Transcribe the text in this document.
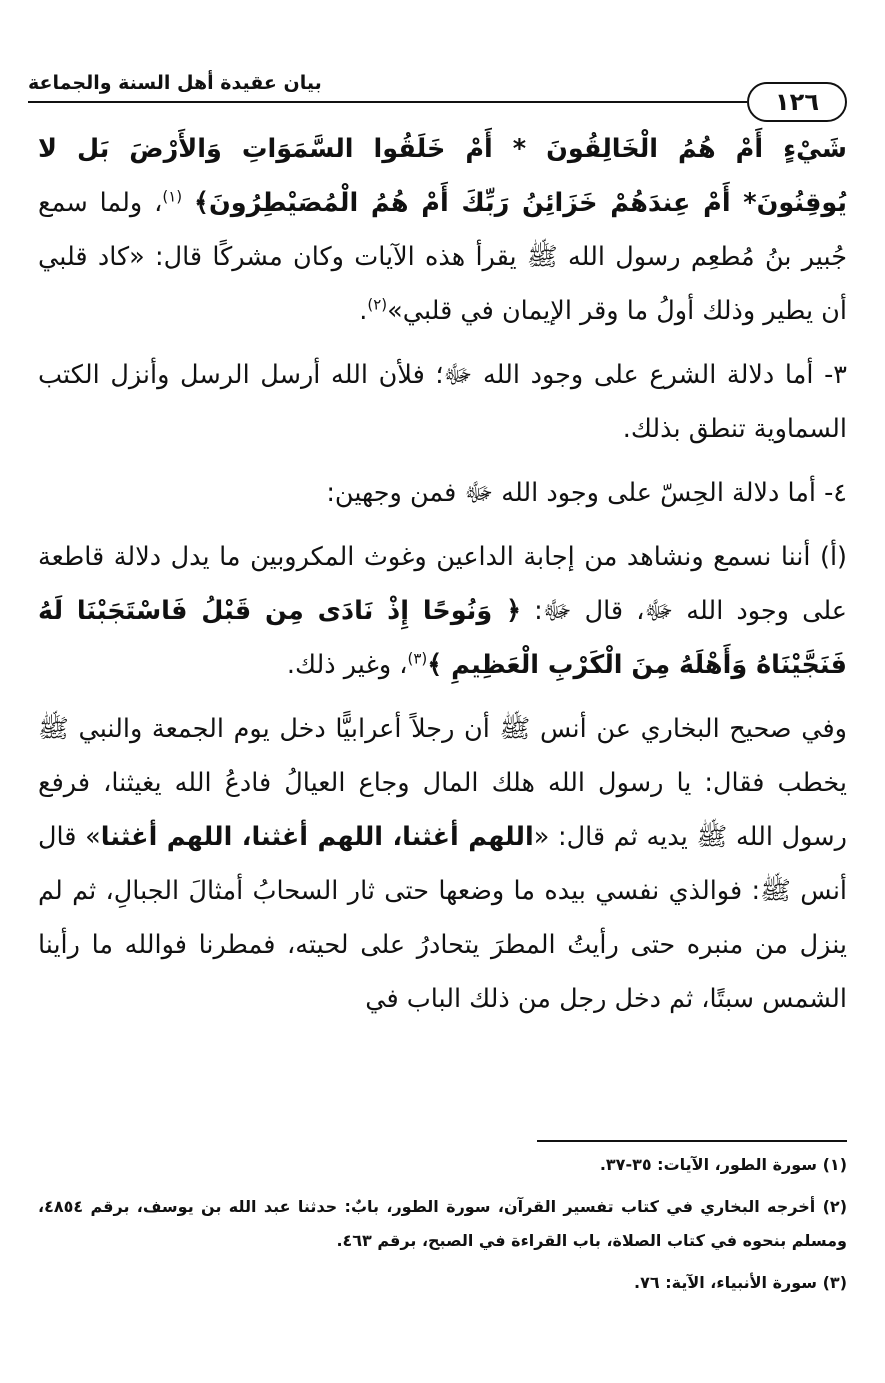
بيان عقيدة أهل السنة والجماعة
١٢٦

شَيْءٍ أَمْ هُمُ الْخَالِقُونَ * أَمْ خَلَقُوا السَّمَوَاتِ وَالأَرْضَ بَل لا يُوقِنُونَ* أَمْ عِندَهُمْ خَزَائِنُ رَبِّكَ أَمْ هُمُ الْمُصَيْطِرُونَ﴾ $^{(١)}$، ولما سمع جُبير بنُ مُطعِم رسول الله ﷺ يقرأ هذه الآيات وكان مشركًا قال: «كاد قلبي أن يطير وذلك أولُ ما وقر الإيمان في قلبي»$^{(٢)}$.

٣- أما دلالة الشرع على وجود الله ﷻ؛ فلأن الله أرسل الرسل وأنزل الكتب السماوية تنطق بذلك.

٤- أما دلالة الحِسّ على وجود الله ﷻ فمن وجهين:

(أ) أننا نسمع ونشاهد من إجابة الداعين وغوث المكروبين ما يدل دلالة قاطعة على وجود الله ﷻ، قال ﷻ: ﴿ وَنُوحًا إِذْ نَادَى مِن قَبْلُ فَاسْتَجَبْنَا لَهُ فَنَجَّيْنَاهُ وَأَهْلَهُ مِنَ الْكَرْبِ الْعَظِيمِ ﴾$^{(٣)}$، وغير ذلك.

وفي صحيح البخاري عن أنس ﷺ أن رجلاً أعرابيًّا دخل يوم الجمعة والنبي ﷺ يخطب فقال: يا رسول الله هلك المال وجاع العيالُ فادعُ الله يغيثنا، فرفع رسول الله ﷺ يديه ثم قال: «اللهم أغثنا، اللهم أغثنا، اللهم أغثنا» قال أنس ﷺ: فوالذي نفسي بيده ما وضعها حتى ثار السحابُ أمثالَ الجبالِ، ثم لم ينزل من منبره حتى رأيتُ المطرَ يتحادرُ على لحيته، فمطرنا فوالله ما رأينا الشمس سبتًا، ثم دخل رجل من ذلك الباب في

(١) سورة الطور، الآيات: ٣٥-٣٧.

(٢) أخرجه البخاري في كتاب تفسير القرآن، سورة الطور، بابٌ: حدثنا عبد الله بن يوسف، برقم ٤٨٥٤، ومسلم بنحوه في كتاب الصلاة، باب القراءة في الصبح، برقم ٤٦٣.

(٣) سورة الأنبياء، الآية: ٧٦.
